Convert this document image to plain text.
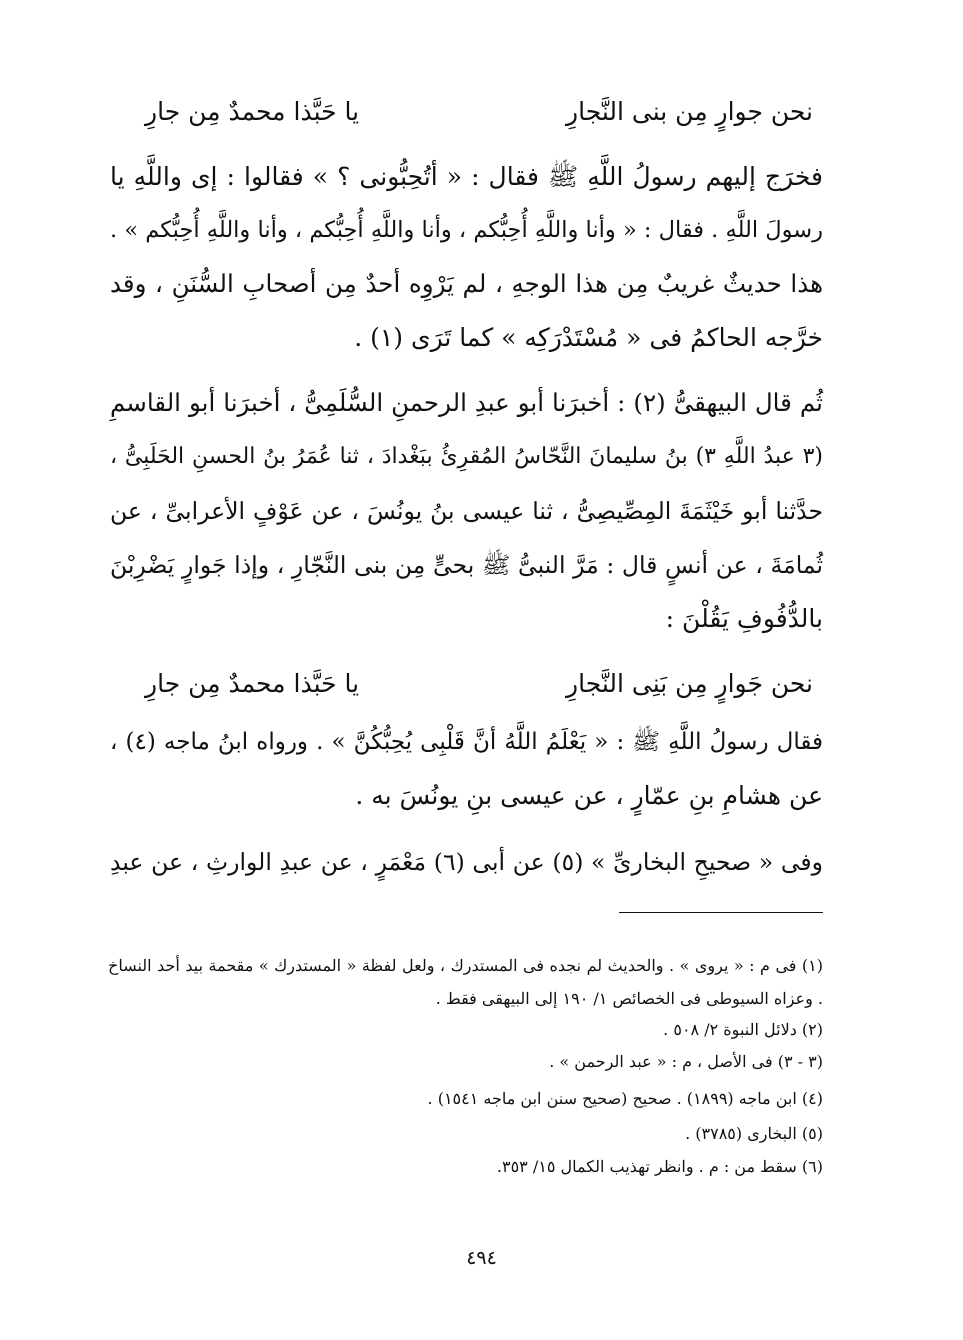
نحن جوارٍ مِن بنى النَّجارِ
يا حَبَّذا محمدٌ مِن جارِ
فخرَج إليهم رسولُ اللَّهِ ﷺ فقال : « أتُحِبُّونى ؟ » فقالوا : إى واللَّهِ يا
رسولَ اللَّهِ . فقال : « وأنا واللَّهِ أُحِبُّكم ، وأنا واللَّهِ أُحِبُّكم ، وأنا واللَّهِ أُحِبُّكم » .
هذا حديثٌ غريبٌ مِن هذا الوجهِ ، لم يَرْوِه أحدٌ مِن أصحابِ السُّنَنِ ، وقد
خرَّجه الحاكمُ فى « مُسْتَدْرَكِه » كما تَرَى (١) .
ثُم قال البيهقىُّ (٢) : أخبرَنا أبو عبدِ الرحمنِ السُّلَمِىُّ ، أخبرَنا أبو القاسمِ
(٣ عبدُ اللَّهِ ٣) بنُ سليمانَ النَّحّاسُ المُقرِئُ ببَغْدادَ ، ثنا عُمَرُ بنُ الحسنِ الحَلَبِىُّ ،
حدَّثنا أبو خَيْثَمَةَ المِصِّيصِىُّ ، ثنا عيسى بنُ يونُسَ ، عن عَوْفٍ الأعرابىِّ ، عن
ثُمامَةَ ، عن أنسٍ قال : مَرَّ النبىُّ ﷺ بحىٍّ مِن بنى النَّجّارِ ، وإذا جَوارٍ يَضْرِبْنَ
بالدُّفُوفِ يَقُلْنَ :
نحن جَوارٍ مِن بَنِى النَّجارِ
يا حَبَّذا محمدٌ مِن جارِ
فقال رسولُ اللَّهِ ﷺ : « يَعْلَمُ اللَّهُ أنَّ قَلْبِى يُحِبُّكُنَّ » . ورواه ابنُ ماجه (٤) ،
عن هشامِ بنِ عمّارٍ ، عن عيسى بنِ يونُسَ به .
وفى « صحيحِ البخارىِّ » (٥) عن أبى (٦) مَعْمَرٍ ، عن عبدِ الوارثِ ، عن عبدِ
(١) فى م : « يروى » . والحديث لم نجده فى المستدرك ، ولعل لفظة « المستدرك » مقحمة بيد أحد النساخ
. وعزاه السيوطى فى الخصائص ١/ ١٩٠ إلى البيهقى فقط .
(٢) دلائل النبوة ٢/ ٥٠٨ .
(٣ - ٣) فى الأصل ، م : « عبد الرحمن » .
(٤) ابن ماجه (١٨٩٩) . صحيح (صحيح سنن ابن ماجه ١٥٤١) .
(٥) البخارى (٣٧٨٥) .
(٦) سقط من : م . وانظر تهذيب الكمال ١٥/ ٣٥٣.
٤٩٤
